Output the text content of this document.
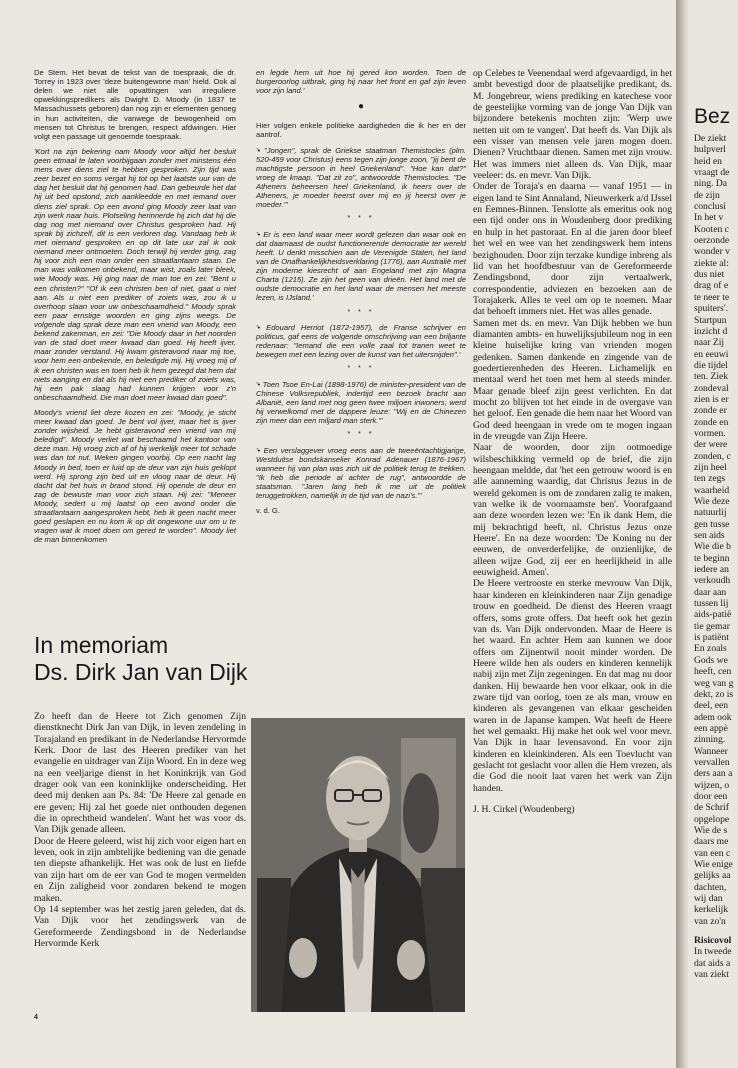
De Stem. Het bevat de tekst van de toespraak, die dr. Torrey in 1923 over 'deze buitengewone man' hield. Ook al delen we niet alle opvattingen van irreguliere opwekkingspredikers als Dwight D. Moody (in 1837 te Massachussets geboren) dan nog zijn er elementen genoeg in hun activiteiten, die vanwege de bewogenheid om mensen tot Christus te brengen, respect afdwingen. Hier volgt een passage uit genoemde toespraak.

'Kort na zijn bekering nam Moody voor altijd het besluit geen etmaal te laten voorbijgaan zonder met minstens één mens over diens ziel te hebben gesproken. Zijn tijd was zeer bezet en soms vergat hij tot op het laatste uur van de dag het besluit dat hij genomen had. Dan gebeurde het dat hij uit bed opstond, zich aankleedde en met iemand over diens ziel sprak. Op een avond ging Moody zeer laat van zijn werk naar huis. Plotseling herinnerde hij zich dat hij die dag nog met niemand over Christus gesproken had. Hij sprak bij zichzelf, dit is een verloren dag. Vandaag heb ik met niemand gesproken en op dit late uur zal ik ook niemand meer ontmoeten. Doch terwijl hij verder ging, zag hij voor zich een man onder een straatlantaarn staan. De man was volkomen onbekend, maar wist, zoals later bleek, wie Moody was. Hij ging naar de man toe en zei: "Bent u een christen?" "Of ik een christen ben of niet, gaat u niet aan. Als u niet een prediker of zoiets was, zou ik u overhoop slaan voor uw onbeschaamdheid." Moody sprak een paar ernstige woorden en ging zijns weegs. De volgende dag sprak deze man een vriend van Moody, een bekend zakenman, en zei: "Die Moody daar in het noorden van de stad doet meer kwaad dan goed. Hij heeft ijver, maar zonder verstand. Hij kwam gisteravond naar mij toe, voor hem een onbekende, en beledigde mij. Hij vroeg mij of ik een christen was en toen heb ik hem gezegd dat hem dat niets aanging en dat als hij niet een prediker of zoiets was, hij een pak slaag had kunnen krijgen voor z'n onbeschaamdheid. Die man doet meer kwaad dan goed".

Moody's vriend liet deze kozen en zei: "Moody, je sticht meer kwaad dan goed. Je bent vol ijver, maar het is ijver zonder wijsheid. Je hebt gisteravond een vriend van mij beledigd". Moody verliet wat beschaamd het kantoor van deze man. Hij vroeg zich af of hij werkelijk meer tot schade was dan tot nut. Weken gingen voorbij. Op een nacht lag Moody in bed, toen er luid op de deur van zijn huis geklopt werd. Hij sprong zijn bed uit en vloog naar de deur. Hij dacht dat het huis in brand stond. Hij opende de deur en zag de bewuste man voor zich staan. Hij zei: "Meneer Moody, sedert u mij laatst op een avond onder die straatlantaarn aangesproken hebt, heb ik geen nacht meer goed geslapen en nu kom ik op dit ongewone uur om u te vragen wat ik moet doen om gered te worden". Moody liet de man binnenkomen

en legde hem uit hoe hij gered kon worden. Toen de burgeroorlog uitbrak, ging hij naar het front en gaf zijn leven voor zijn land.'

●

Hier volgen enkele politieke aardigheden die ik her en der aantrof.

'• "Jongen", sprak de Griekse staatman Themistocles (plm. 520-459 voor Christus) eens tegen zijn jonge zoon, "jij bent de machtigste persoon in heel Griekenland". "Hoe kan dat?" vroeg de knaap. "Dat zit zo", antwoordde Themistocles. "De Atheners beheersen heel Griekenland, ik heers over de Atheners, je moeder heerst over mij en jij heerst over je moeder."'

* * *

'• Er is een land waar meer wordt gelezen dan waar ook en dat daarnaast de oudst functionerende democratie ter wereld heeft. U denkt misschien aan de Verenigde Staten, het land van de Onafhankelijkheidsverklaring (1776), aan Australië met zijn moderne kiesrecht of aan Engeland met zijn Magna Charta (1215). Ze zijn het geen van drieën. Het land met de oudste democratie en het land waar de mensen het meeste lezen, is IJsland.'

* * *

'• Edouard Herriot (1872-1957), de Franse schrijver en politicus, gaf eens de volgende omschrijving van een briljante redenaar: "Iemand die een volle zaal tot tranen weet te bewegen met een lezing over de kunst van het uitersnijden".'

* * *

'• Toen Tsoe En-Lai (1898-1976) de minister-president van de Chinese Volksrepubliek, indertijd een bezoek bracht aan Albanië, een land met nog geen twee miljoen inwoners, werd hij verwelkomd met de dappere leuze: "Wij en de Chinezen zijn meer dan een miljard man sterk."'

* * *

'• Een verslaggever vroeg eens aan de tweeëntachtigjarige, Westduitse bondskanselier Konrad Adenauer (1876-1967) wanneer hij van plan was zich uit de politiek terug te trekken. "Ik heb die periode al achter de rug", antwoordde de staatsman. "Jaren lang heb ik me uit de politiek teruggetrokken, namelijk in de tijd van de nazi's."'

v. d. G.

op Celebes te Veenendaal werd afgevaardigd, in het ambt bevestigd door de plaatselijke predikant, ds. M. Jongebreur, wiens prediking en katechese voor de geestelijke vorming van de jonge Van Dijk van bijzondere betekenis mochten zijn: 'Werp uwe netten uit om te vangen'. Dat heeft ds. Van Dijk als een visser van mensen vele jaren mogen doen. Dienen? Vruchtbaar dienen. Samen met zijn vrouw. Het was immers niet alleen ds. Van Dijk, maar veeleer: ds. en mevr. Van Dijk.

Onder de Toraja's en daarna — vanaf 1951 — in eigen land te Sint Annaland, Nieuwerkerk a/d IJssel en Eemnes-Binnen. Tenslotte als emeritus ook nog een tijd onder ons in Woudenberg door prediking en hulp in het pastoraat. En al die jaren door bleef het wel en wee van het zendingswerk hem intens bezighouden. Door zijn terzake kundige inbreng als lid van het hoofdbestuur van de Gereformeerde Zendingsbond, door zijn vertaalwerk, correspondentie, adviezen en bezoeken aan de Torajakerk. Alles te veel om op te noemen. Maar dat behoeft immers niet. Het was alles genade.

Samen met ds. en mevr. Van Dijk hebben we hun diamanten ambts- en huwelijksjubileum nog in een kleine huiselijke kring van vrienden mogen gedenken. Samen dankende en zingende van de goedertierenheden des Heeren. Lichamelijk en mentaal werd het toen met hem al steeds minder. Maar genade bleef zijn geest verlichten. En dat mocht zo blijven tot het einde in de overgave van het geloof. Een genade die hem naar het Woord van God deed heengaan in vrede om te mogen ingaan in de vreugde van Zijn Heere.

Naar de woorden, door zijn ootmoedige wilsbeschikking vermeld op de brief, die zijn heengaan meldde, dat 'het een getrouw woord is en alle aanneming waardig, dat Christus Jezus in de wereld gekomen is om de zondaren zalig te maken, van welke ik de voornaamste ben'. Voorafgaand aan deze woorden lezen we: 'En ik dank Hem, die mij bekrachtigd heeft, nl. Christus Jezus onze Heere'. En na deze woorden: 'De Koning nu der eeuwen, de onverderfelijke, de onzienlijke, de alleen wijze God, zij eer en heerlijkheid in alle eeuwigheid. Amen'.

De Heere vertrooste en sterke mevrouw Van Dijk, haar kinderen en kleinkinderen naar Zijn genadige trouw en goedheid. De dienst des Heeren vraagt offers, soms grote offers. Dat heeft ook het gezin van ds. Van Dijk ondervonden. Maar de Heere is het waard. En achter Hem aan kunnen we door offers om Zijnentwil nooit minder worden. De Heere wilde hen als ouders en kinderen kennelijk nabij zijn met Zijn zegeningen. En dat mag nu door danken. Hij bewaarde hen voor elkaar, ook in die zware tijd van oorlog, toen ze als man, vrouw en kinderen als gevangenen van elkaar gescheiden waren in de Japanse kampen. Wat heeft de Heere het wel gemaakt. Hij make het ook wel voor mevr. Van Dijk in haar levensavond. En voor zijn kinderen en kleinkinderen. Als een Toevlucht van geslacht tot geslacht voor allen die Hem vrezen, als die God die nooit laat varen het werk van Zijn handen.

J. H. Cirkel (Woudenberg)

In memoriam
Ds. Dirk Jan van Dijk

Zo heeft dan de Heere tot Zich genomen Zijn dienstknecht Dirk Jan van Dijk, in leven zendeling in Torajaland en predikant in de Nederlandse Hervormde Kerk. Door de last des Heeren prediker van het evangelie en uitdrager van Zijn Woord. En in deze weg na een veeljarige dienst in het Koninkrijk van God drager ook van een koninklijke onderscheiding. Het deed mij denken aan Ps. 84: 'De Heere zal genade en ere geven; Hij zal het goede niet onthouden degenen die in oprechtheid wandelen'. Want het was voor ds. Van Dijk genade alleen.

Door de Heere geleerd, wist hij zich voor eigen hart en leven, ook in zijn ambtelijke bediening van die genade ten diepste afhankelijk. Het was ook de lust en liefde van zijn hart om de eer van God te mogen vermelden en Zijn zaligheid voor zondaren bekend te mogen maken.

Op 14 september was het zestig jaren geleden, dat ds. Van Dijk voor het zendingswerk van de Gereformeerde Zendingsbond in de Nederlandse Hervormde Kerk

4
Bez
De ziekt
hulpverl
heid en
vraagt de
ning. Da
de zijn
conclusi
In het v
Kooten c
oerzonde
wonder v
ziekte al:
dus niet
drag of e
te neer te
spuiters'.
Startpun
inzicht d
naar Zij
en eeuwi
die tijdel
ten. Ziek
zondeval
zien is er
zonde er
zonde en
vormen.
der were
zonden, c
zijn heel
ten zegs
waarheid
Wie deze
natuurlij
gen tusse
sen aids
Wie die b
te beginn
iedere an
verkoudh
daar aan
tussen lij
aids-patië
tie gemar
is patiënt
En zoals
Gods we
heeft, cen
weg van g
dekt, zo is
deel, een
adem ook
een appè
zinning.
Wanneer
vervallen
ders aan a
wijzen, o
door een
de Schrif
opgelope
Wie de s
daars me
van een c
Wie enige
gelijks aa
dachten,
wij dan
kerkelijk
van zo'n
Risicovol
In tweede
dat aids a
van ziekt
